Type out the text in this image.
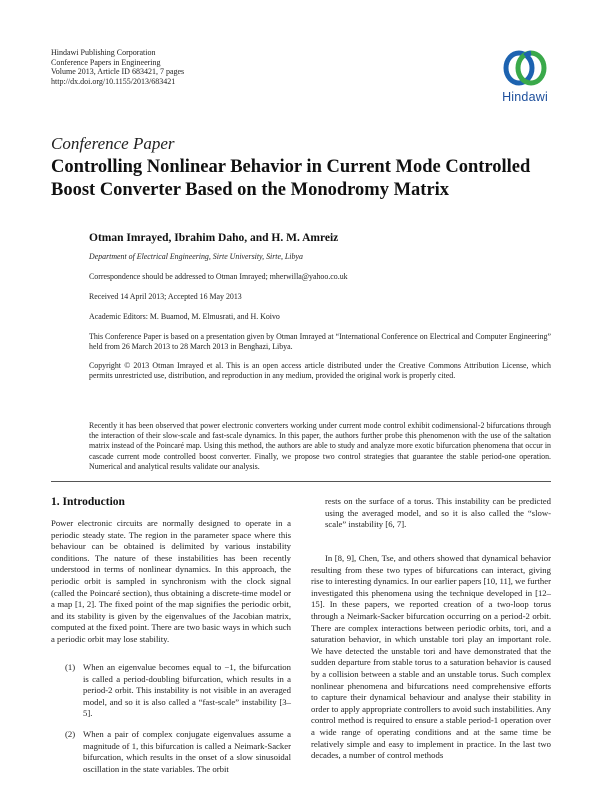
Hindawi Publishing Corporation
Conference Papers in Engineering
Volume 2013, Article ID 683421, 7 pages
http://dx.doi.org/10.1155/2013/683421
Hindawi
Conference Paper
Controlling Nonlinear Behavior in Current Mode Controlled Boost Converter Based on the Monodromy Matrix
Otman Imrayed, Ibrahim Daho, and H. M. Amreiz
Department of Electrical Engineering, Sirte University, Sirte, Libya
Correspondence should be addressed to Otman Imrayed; mherwilla@yahoo.co.uk
Received 14 April 2013; Accepted 16 May 2013
Academic Editors: M. Buamod, M. Elmusrati, and H. Koivo
This Conference Paper is based on a presentation given by Otman Imrayed at “International Conference on Electrical and Computer Engineering” held from 26 March 2013 to 28 March 2013 in Benghazi, Libya.
Copyright © 2013 Otman Imrayed et al. This is an open access article distributed under the Creative Commons Attribution License, which permits unrestricted use, distribution, and reproduction in any medium, provided the original work is properly cited.
Recently it has been observed that power electronic converters working under current mode control exhibit codimensional-2 bifurcations through the interaction of their slow-scale and fast-scale dynamics. In this paper, the authors further probe this phenomenon with the use of the saltation matrix instead of the Poincaré map. Using this method, the authors are able to study and analyze more exotic bifurcation phenomena that occur in cascade current mode controlled boost converter. Finally, we propose two control strategies that guarantee the stable period-one operation. Numerical and analytical results validate our analysis.
1. Introduction
Power electronic circuits are normally designed to operate in a periodic steady state. The region in the parameter space where this behaviour can be obtained is delimited by various instability conditions. The nature of these instabilities has been recently understood in terms of nonlinear dynamics. In this approach, the periodic orbit is sampled in synchronism with the clock signal (called the Poincaré section), thus obtaining a discrete-time model or a map [1, 2]. The fixed point of the map signifies the periodic orbit, and its stability is given by the eigenvalues of the Jacobian matrix, computed at the fixed point. There are two basic ways in which such a periodic orbit may lose stability.
(1) When an eigenvalue becomes equal to −1, the bifurcation is called a period-doubling bifurcation, which results in a period-2 orbit. This instability is not visible in an averaged model, and so it is also called a “fast-scale” instability [3–5].
(2) When a pair of complex conjugate eigenvalues assume a magnitude of 1, this bifurcation is called a Neimark-Sacker bifurcation, which results in the onset of a slow sinusoidal oscillation in the state variables. The orbit
rests on the surface of a torus. This instability can be predicted using the averaged model, and so it is also called the “slow-scale” instability [6, 7].
In [8, 9], Chen, Tse, and others showed that dynamical behavior resulting from these two types of bifurcations can interact, giving rise to interesting dynamics. In our earlier papers [10, 11], we further investigated this phenomena using the technique developed in [12–15]. In these papers, we reported creation of a two-loop torus through a Neimark-Sacker bifurcation occurring on a period-2 orbit. There are complex interactions between periodic orbits, tori, and a saturation behavior, in which unstable tori play an important role. We have detected the unstable tori and have demonstrated that the sudden departure from stable torus to a saturation behavior is caused by a collision between a stable and an unstable torus. Such complex nonlinear phenomena and bifurcations need comprehensive efforts to capture their dynamical behaviour and analyse their stability in order to apply appropriate controllers to avoid such instabilities. Any control method is required to ensure a stable period-1 operation over a wide range of operating conditions and at the same time be relatively simple and easy to implement in practice. In the last two decades, a number of control methods
